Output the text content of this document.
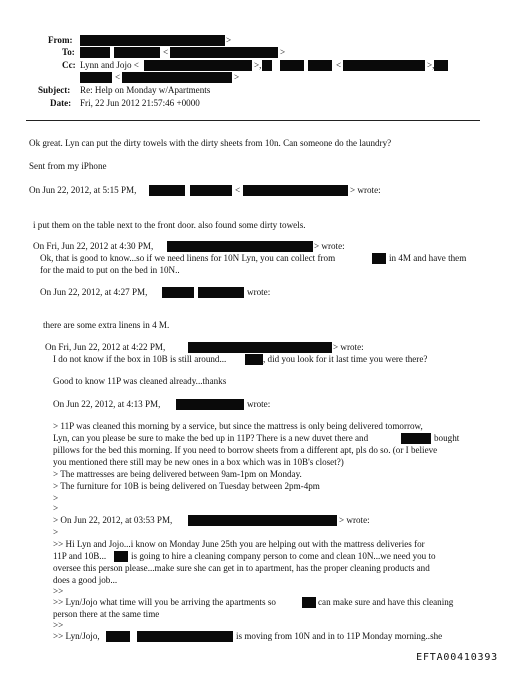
From:	>
To:	<	>
Cc: Lynn and Jojo <	>,	<	>,
<	>
Subject: Re: Help on Monday w/Apartments
Date: Fri, 22 Jun 2012 21:57:46 +0000
Ok great. Lyn can put the dirty towels with the dirty sheets from 10n. Can someone do the laundry?
Sent from my iPhone
On Jun 22, 2012, at 5:15 PM,	<	> wrote:
i put them on the table next to the front door. also found some dirty towels.
On Fri, Jun 22, 2012 at 4:30 PM,	> wrote:
Ok, that is good to know...so if we need linens for 10N Lyn, you can collect from	in 4M and have them
for the maid to put on the bed in 10N..
On Jun 22, 2012, at 4:27 PM,	wrote:
there are some extra linens in 4 M.
On Fri, Jun 22, 2012 at 4:22 PM,	> wrote:
I do not know if the box in 10B is still around...	, did you look for it last time you were there?
Good to know 11P was cleaned already...thanks
On Jun 22, 2012, at 4:13 PM,	wrote:
> 11P was cleaned this morning by a service, but since the mattress is only being delivered tomorrow,
Lyn, can you please be sure to make the bed up in 11P? There is a new duvet there and	bought
pillows for the bed this morning. If you need to borrow sheets from a different apt, pls do so. (or I believe
you mentioned there still may be new ones in a box which was in 10B's closet?)
> The mattresses are being delivered between 9am-1pm on Monday.
> The furniture for 10B is being delivered on Tuesday between 2pm-4pm
>
>
> On Jun 22, 2012, at 03:53 PM,	> wrote:
>
>> Hi Lyn and Jojo...i know on Monday June 25th you are helping out with the mattress deliveries for
11P and 10B...	is going to hire a cleaning company person to come and clean 10N...we need you to
oversee this person please...make sure she can get in to apartment, has the proper cleaning products and
does a good job...
>>
>> Lyn/Jojo what time will you be arriving the apartments so	can make sure and have this cleaning
person there at the same time
>>
>> Lyn/Jojo,	is moving from 10N and in to 11P Monday morning..she
EFTA00410393
